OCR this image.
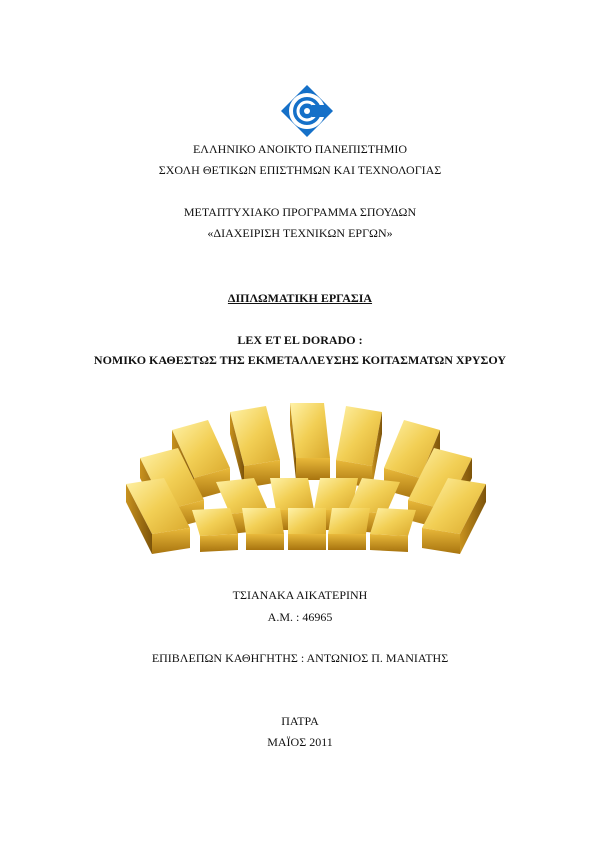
ΕΛΛΗΝΙΚΟ ΑΝΟΙΚΤΟ ΠΑΝΕΠΙΣΤΗΜΙΟ
ΣΧΟΛΗ ΘΕΤΙΚΩΝ ΕΠΙΣΤΗΜΩΝ ΚΑΙ ΤΕΧΝΟΛΟΓΙΑΣ
ΜΕΤΑΠΤΥΧΙΑΚΟ ΠΡΟΓΡΑΜΜΑ ΣΠΟΥΔΩΝ
«ΔΙΑΧΕΙΡΙΣΗ ΤΕΧΝΙΚΩΝ ΕΡΓΩΝ»
ΔΙΠΛΩΜΑΤΙΚΗ ΕΡΓΑΣΙΑ
LEX ET EL DORADO :
ΝΟΜΙΚΟ ΚΑΘΕΣΤΩΣ ΤΗΣ ΕΚΜΕΤΑΛΛΕΥΣΗΣ ΚΟΙΤΑΣΜΑΤΩΝ ΧΡΥΣΟΥ
ΤΣΙΑΝΑΚΑ ΑΙΚΑΤΕΡΙΝΗ
Α.Μ. : 46965
ΕΠΙΒΛΕΠΩΝ ΚΑΘΗΓΗΤΗΣ : ΑΝΤΩΝΙΟΣ Π. ΜΑΝΙΑΤΗΣ
ΠΑΤΡΑ
ΜΑΪΟΣ 2011
